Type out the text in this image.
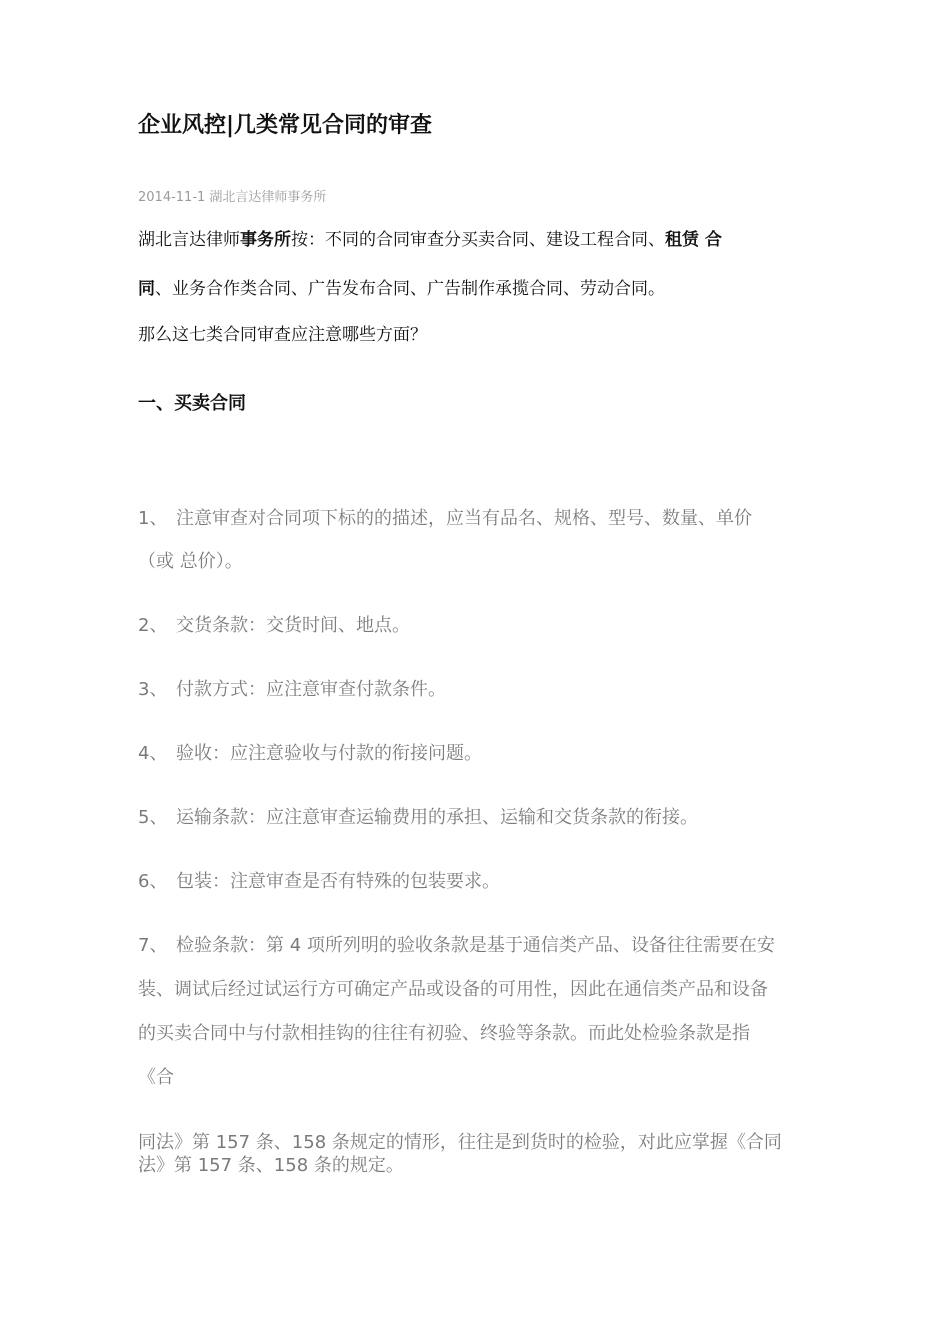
企业风控|几类常见合同的审查
2014-11-1 湖北言达律师事务所

湖北言达律师事务所按：不同的合同审查分买卖合同、建设工程合同、租赁 合

同、业务合作类合同、广告发布合同、广告制作承揽合同、劳动合同。

那么这七类合同审查应注意哪些方面？

一、买卖合同

1、 注意审查对合同项下标的的描述，应当有品名、规格、型号、数量、单价

（或 总价）。

2、 交货条款：交货时间、地点。

3、 付款方式：应注意审查付款条件。

4、 验收：应注意验收与付款的衔接问题。

5、 运输条款：应注意审查运输费用的承担、运输和交货条款的衔接。

6、 包装：注意审查是否有特殊的包装要求。

7、 检验条款：第 4 项所列明的验收条款是基于通信类产品、设备往往需要在安

装、调试后经过试运行方可确定产品或设备的可用性，因此在通信类产品和设备

的买卖合同中与付款相挂钩的往往有初验、终验等条款。而此处检验条款是指

《合

同法》第 157 条、158 条规定的情形，往往是到货时的检验，对此应掌握《合同

法》第 157 条、158 条的规定。
